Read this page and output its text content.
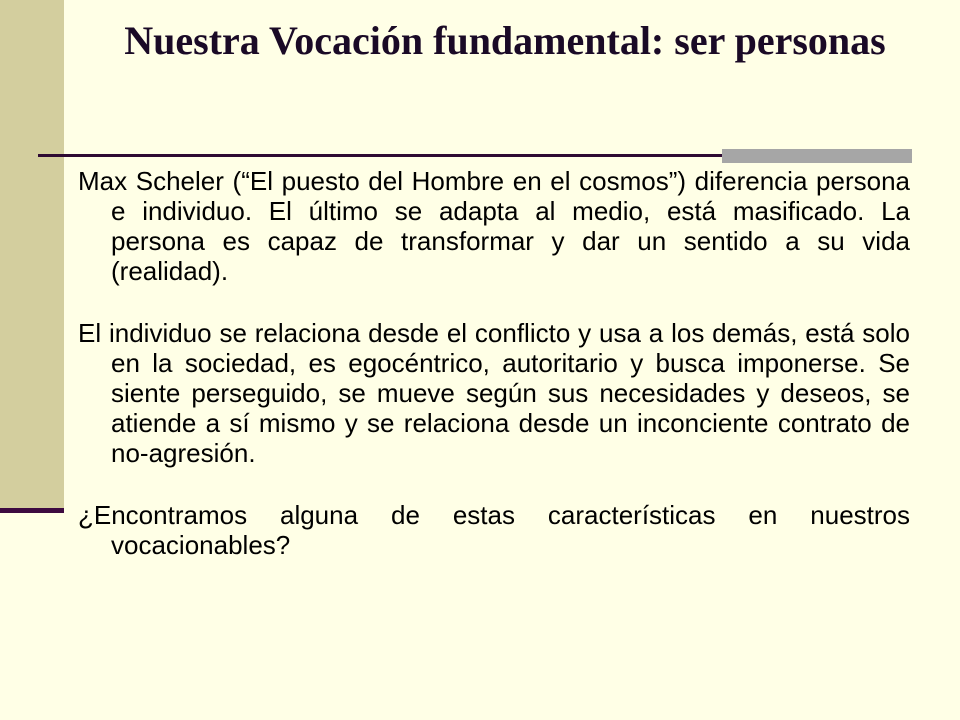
Nuestra Vocación fundamental: ser personas

Max Scheler (“El puesto del Hombre en el cosmos”) diferencia persona e individuo. El último se adapta al medio, está masificado. La persona es capaz de transformar y dar un sentido a su vida (realidad).

El individuo se relaciona desde el conflicto y usa a los demás, está solo en la sociedad, es egocéntrico, autoritario y busca imponerse. Se siente perseguido, se mueve según sus necesidades y deseos, se atiende a sí mismo y se relaciona desde un inconciente contrato de no-agresión.

¿Encontramos alguna de estas características en nuestros vocacionables?
